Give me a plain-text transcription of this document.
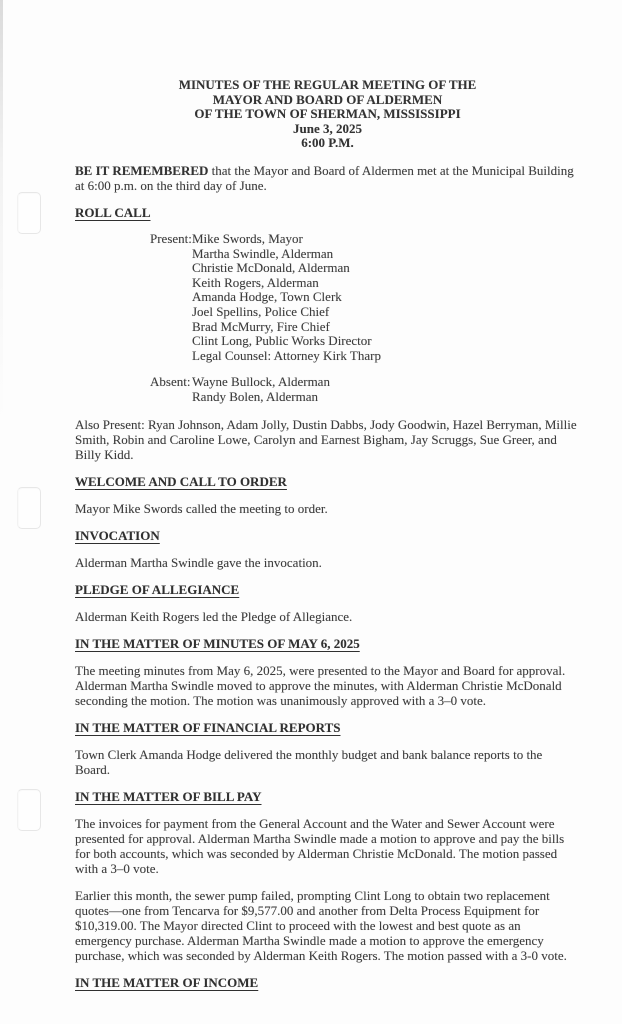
MINUTES OF THE REGULAR MEETING OF THE
MAYOR AND BOARD OF ALDERMEN
OF THE TOWN OF SHERMAN, MISSISSIPPI
June 3, 2025
6:00 P.M.

BE IT REMEMBERED that the Mayor and Board of Aldermen met at the Municipal Building at 6:00 p.m. on the third day of June.

ROLL CALL
Present: Mike Swords, Mayor
Martha Swindle, Alderman
Christie McDonald, Alderman
Keith Rogers, Alderman
Amanda Hodge, Town Clerk
Joel Spellins, Police Chief
Brad McMurry, Fire Chief
Clint Long, Public Works Director
Legal Counsel: Attorney Kirk Tharp
Absent: Wayne Bullock, Alderman
Randy Bolen, Alderman

Also Present: Ryan Johnson, Adam Jolly, Dustin Dabbs, Jody Goodwin, Hazel Berryman, Millie Smith, Robin and Caroline Lowe, Carolyn and Earnest Bigham, Jay Scruggs, Sue Greer, and Billy Kidd.

WELCOME AND CALL TO ORDER

Mayor Mike Swords called the meeting to order.

INVOCATION

Alderman Martha Swindle gave the invocation.

PLEDGE OF ALLEGIANCE

Alderman Keith Rogers led the Pledge of Allegiance.

IN THE MATTER OF MINUTES OF MAY 6, 2025

The meeting minutes from May 6, 2025, were presented to the Mayor and Board for approval. Alderman Martha Swindle moved to approve the minutes, with Alderman Christie McDonald seconding the motion. The motion was unanimously approved with a 3–0 vote.

IN THE MATTER OF FINANCIAL REPORTS

Town Clerk Amanda Hodge delivered the monthly budget and bank balance reports to the Board.

IN THE MATTER OF BILL PAY

The invoices for payment from the General Account and the Water and Sewer Account were presented for approval. Alderman Martha Swindle made a motion to approve and pay the bills for both accounts, which was seconded by Alderman Christie McDonald. The motion passed with a 3–0 vote.

Earlier this month, the sewer pump failed, prompting Clint Long to obtain two replacement quotes—one from Tencarva for $9,577.00 and another from Delta Process Equipment for $10,319.00. The Mayor directed Clint to proceed with the lowest and best quote as an emergency purchase. Alderman Martha Swindle made a motion to approve the emergency purchase, which was seconded by Alderman Keith Rogers. The motion passed with a 3-0 vote.

IN THE MATTER OF INCOME
